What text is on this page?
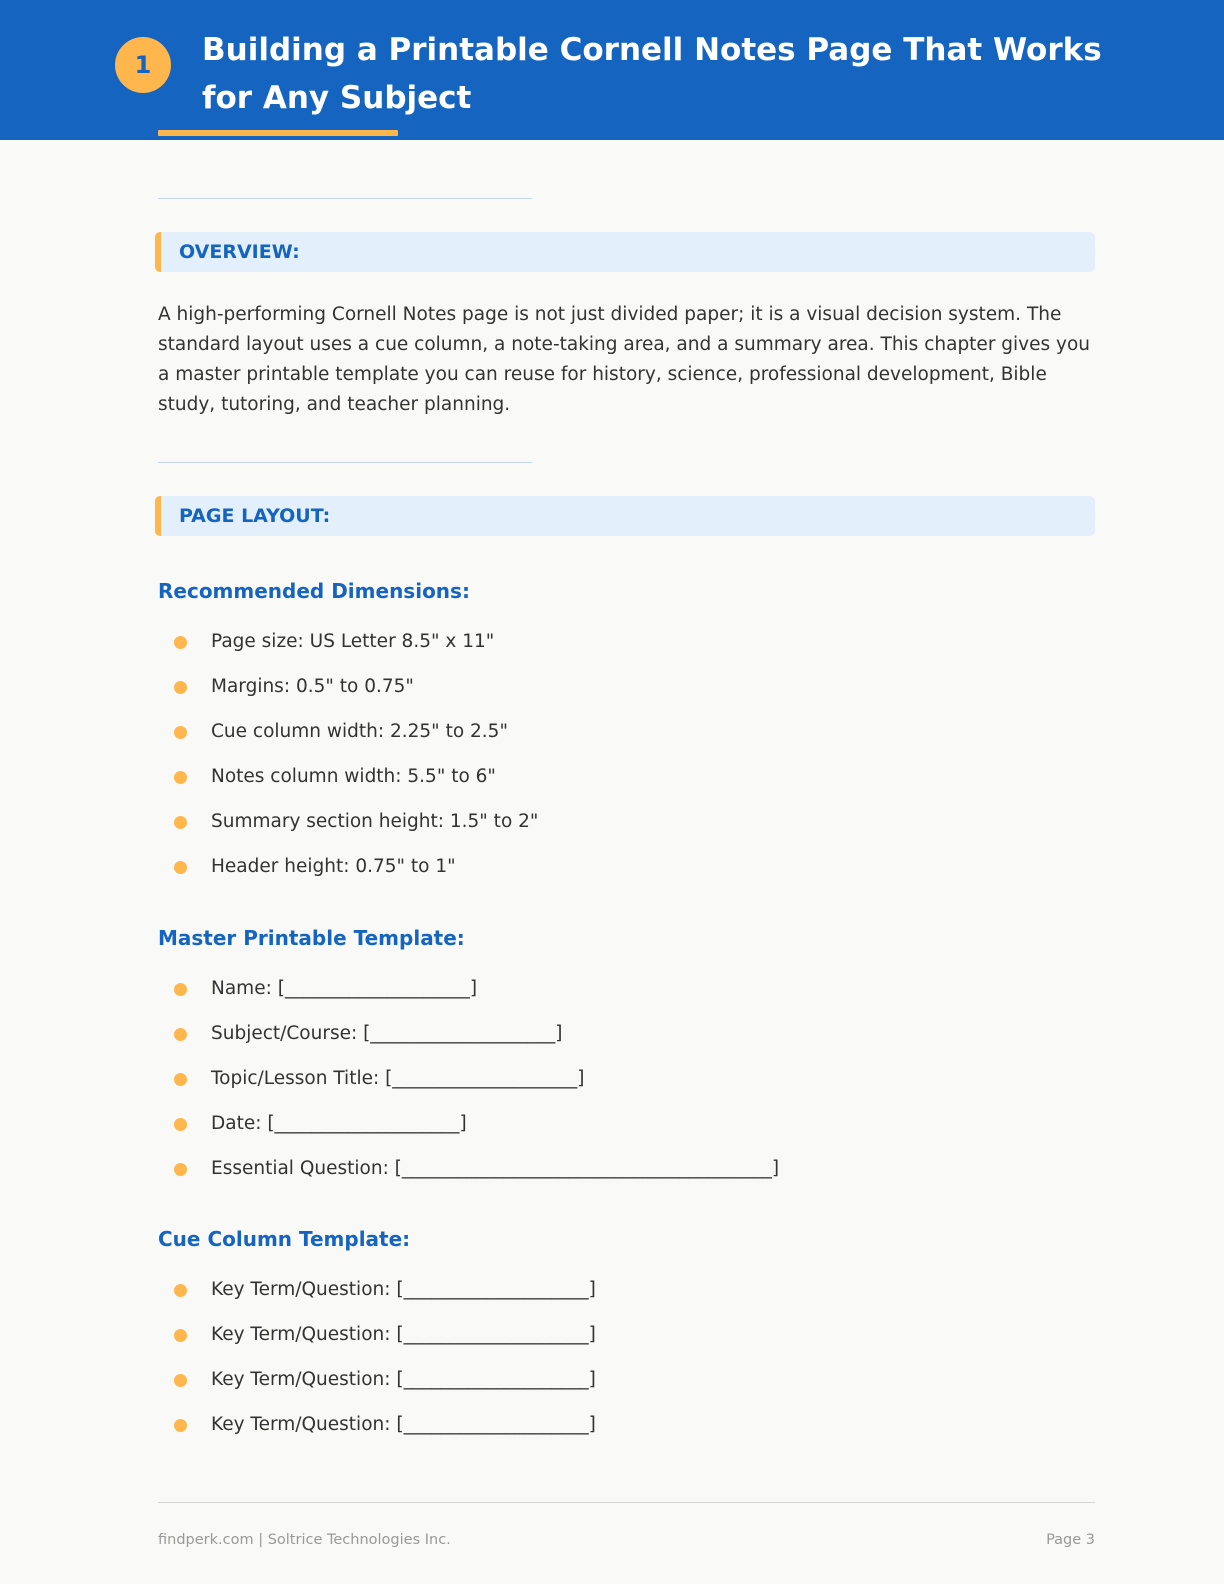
1	Building a Printable Cornell Notes Page That Works for Any Subject
OVERVIEW:

A high-performing Cornell Notes page is not just divided paper; it is a visual decision system. The standard layout uses a cue column, a note-taking area, and a summary area. This chapter gives you a master printable template you can reuse for history, science, professional development, Bible study, tutoring, and teacher planning.

PAGE LAYOUT:
Recommended Dimensions:
Page size: US Letter 8.5" x 11"
Margins: 0.5" to 0.75"
Cue column width: 2.25" to 2.5"
Notes column width: 5.5" to 6"
Summary section height: 1.5" to 2"
Header height: 0.75" to 1"
Master Printable Template:
Name: [____________________]
Subject/Course: [____________________]
Topic/Lesson Title: [____________________]
Date: [____________________]
Essential Question: [________________________________________]
Cue Column Template:
Key Term/Question: [____________________]
Key Term/Question: [____________________]
Key Term/Question: [____________________]
Key Term/Question: [____________________]
findperk.com | Soltrice Technologies Inc.	Page 3
